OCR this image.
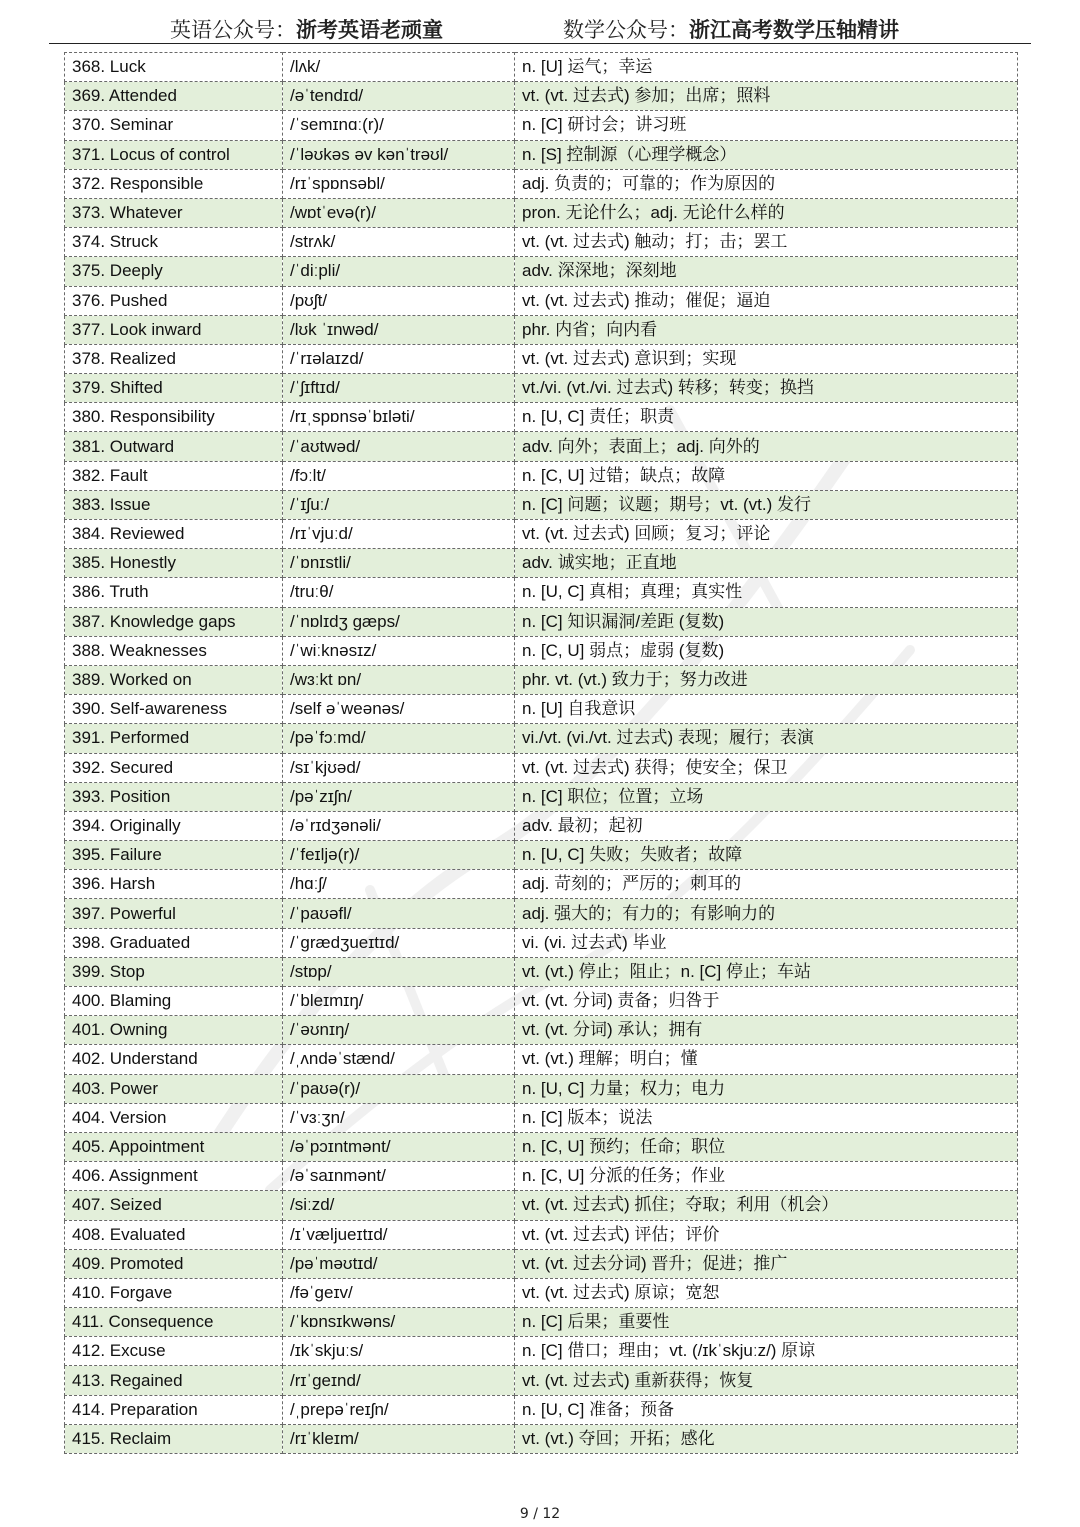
英语公众号：浙考英语老顽童	数学公众号：浙江高考数学压轴精讲
368. Luck	/lʌk/	n. [U] 运气；幸运
369. Attended	/əˈtendɪd/	vt. (vt. 过去式) 参加；出席；照料
370. Seminar	/ˈsemɪnɑː(r)/	n. [C] 研讨会；讲习班
371. Locus of control	/ˈləʊkəs əv kənˈtrəʊl/	n. [S] 控制源（心理学概念）
372. Responsible	/rɪˈspɒnsəbl/	adj. 负责的；可靠的；作为原因的
373. Whatever	/wɒtˈevə(r)/	pron. 无论什么；adj. 无论什么样的
374. Struck	/strʌk/	vt. (vt. 过去式) 触动；打；击；罢工
375. Deeply	/ˈdiːpli/	adv. 深深地；深刻地
376. Pushed	/pʊʃt/	vt. (vt. 过去式) 推动；催促；逼迫
377. Look inward	/lʊk ˈɪnwəd/	phr. 内省；向内看
378. Realized	/ˈrɪəlaɪzd/	vt. (vt. 过去式) 意识到；实现
379. Shifted	/ˈʃɪftɪd/	vt./vi. (vt./vi. 过去式) 转移；转变；换挡
380. Responsibility	/rɪˌspɒnsəˈbɪləti/	n. [U, C] 责任；职责
381. Outward	/ˈaʊtwəd/	adv. 向外；表面上；adj. 向外的
382. Fault	/fɔːlt/	n. [C, U] 过错；缺点；故障
383. Issue	/ˈɪʃuː/	n. [C] 问题；议题；期号；vt. (vt.) 发行
384. Reviewed	/rɪˈvjuːd/	vt. (vt. 过去式) 回顾；复习；评论
385. Honestly	/ˈɒnɪstli/	adv. 诚实地；正直地
386. Truth	/truːθ/	n. [U, C] 真相；真理；真实性
387. Knowledge gaps	/ˈnɒlɪdʒ ɡæps/	n. [C] 知识漏洞/差距 (复数)
388. Weaknesses	/ˈwiːknəsɪz/	n. [C, U] 弱点；虚弱 (复数)
389. Worked on	/wɜːkt ɒn/	phr. vt. (vt.) 致力于；努力改进
390. Self-awareness	/self əˈweənəs/	n. [U] 自我意识
391. Performed	/pəˈfɔːmd/	vi./vt. (vi./vt. 过去式) 表现；履行；表演
392. Secured	/sɪˈkjʊəd/	vt. (vt. 过去式) 获得；使安全；保卫
393. Position	/pəˈzɪʃn/	n. [C] 职位；位置；立场
394. Originally	/əˈrɪdʒənəli/	adv. 最初；起初
395. Failure	/ˈfeɪljə(r)/	n. [U, C] 失败；失败者；故障
396. Harsh	/hɑːʃ/	adj. 苛刻的；严厉的；刺耳的
397. Powerful	/ˈpaʊəfl/	adj. 强大的；有力的；有影响力的
398. Graduated	/ˈɡrædʒueɪtɪd/	vi. (vi. 过去式) 毕业
399. Stop	/stɒp/	vt. (vt.) 停止；阻止；n. [C] 停止；车站
400. Blaming	/ˈbleɪmɪŋ/	vt. (vt. 分词) 责备；归咎于
401. Owning	/ˈəʊnɪŋ/	vt. (vt. 分词) 承认；拥有
402. Understand	/ˌʌndəˈstænd/	vt. (vt.) 理解；明白；懂
403. Power	/ˈpaʊə(r)/	n. [U, C] 力量；权力；电力
404. Version	/ˈvɜːʒn/	n. [C] 版本；说法
405. Appointment	/əˈpɔɪntmənt/	n. [C, U] 预约；任命；职位
406. Assignment	/əˈsaɪnmənt/	n. [C, U] 分派的任务；作业
407. Seized	/siːzd/	vt. (vt. 过去式) 抓住；夺取；利用（机会）
408. Evaluated	/ɪˈvæljueɪtɪd/	vt. (vt. 过去式) 评估；评价
409. Promoted	/pəˈməʊtɪd/	vt. (vt. 过去分词) 晋升；促进；推广
410. Forgave	/fəˈɡeɪv/	vt. (vt. 过去式) 原谅；宽恕
411. Consequence	/ˈkɒnsɪkwəns/	n. [C] 后果；重要性
412. Excuse	/ɪkˈskjuːs/	n. [C] 借口；理由；vt. (/ɪkˈskjuːz/) 原谅
413. Regained	/rɪˈɡeɪnd/	vt. (vt. 过去式) 重新获得；恢复
414. Preparation	/ˌprepəˈreɪʃn/	n. [U, C] 准备；预备
415. Reclaim	/rɪˈkleɪm/	vt. (vt.) 夺回；开拓；感化
9 / 12
